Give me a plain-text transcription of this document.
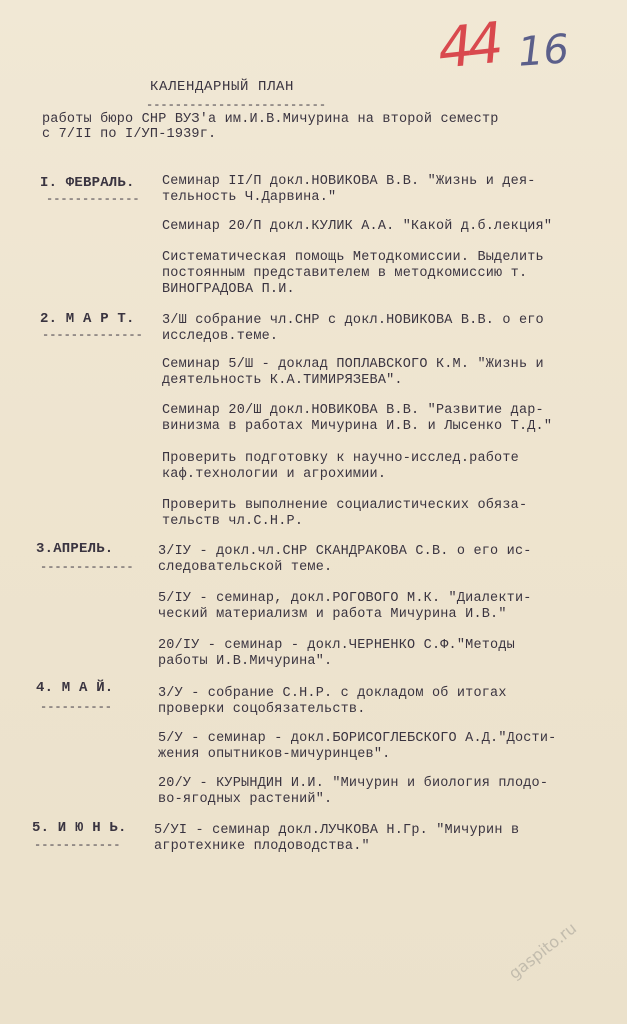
44 16
КАЛЕНДАРНЫЙ ПЛАН
-------------------------
работы бюро СНР ВУЗ'а им.И.В.Мичурина на второй семестр
с 7/II по I/УП-1939г.
I. ФЕВРАЛЬ.
-------------
Семинар II/П докл.НОВИКОВА В.В. "Жизнь и дея-
тельность Ч.Дарвина."
Семинар 20/П докл.КУЛИК А.А. "Какой д.б.лекция"
Систематическая помощь Методкомиссии. Выделить
постоянным представителем в методкомиссию т.
ВИНОГРАДОВА П.И.
2. М А Р Т.
--------------
3/Ш собрание чл.СНР с докл.НОВИКОВА В.В. о его
исследов.теме.
Семинар 5/Ш - доклад ПОПЛАВСКОГО К.М. "Жизнь и
деятельность К.А.ТИМИРЯЗЕВА".
Семинар 20/Ш докл.НОВИКОВА В.В. "Развитие дар-
винизма в работах Мичурина И.В. и Лысенко Т.Д."
Проверить подготовку к научно-исслед.работе
каф.технологии и агрохимии.
Проверить выполнение социалистических обяза-
тельств чл.С.Н.Р.
3.АПРЕЛЬ.
-------------
3/IУ - докл.чл.СНР СКАНДРАКОВА С.В. о его ис-
следовательской теме.
5/IУ - семинар, докл.РОГОВОГО М.К. "Диалекти-
ческий материализм и работа Мичурина И.В."
20/IУ - семинар - докл.ЧЕРНЕНКО С.Ф."Методы
работы И.В.Мичурина".
4. М А Й.
----------
3/У - собрание С.Н.Р. с докладом об итогах
проверки соцобязательств.
5/У - семинар - докл.БОРИСОГЛЕБСКОГО А.Д."Дости-
жения опытников-мичуринцев".
20/У - КУРЫНДИН И.И. "Мичурин и биология плодо-
во-ягодных растений".
5. И Ю Н Ь.
------------
5/УI - семинар докл.ЛУЧКОВА Н.Гр. "Мичурин в
агротехнике плодоводства."
gaspito.ru
